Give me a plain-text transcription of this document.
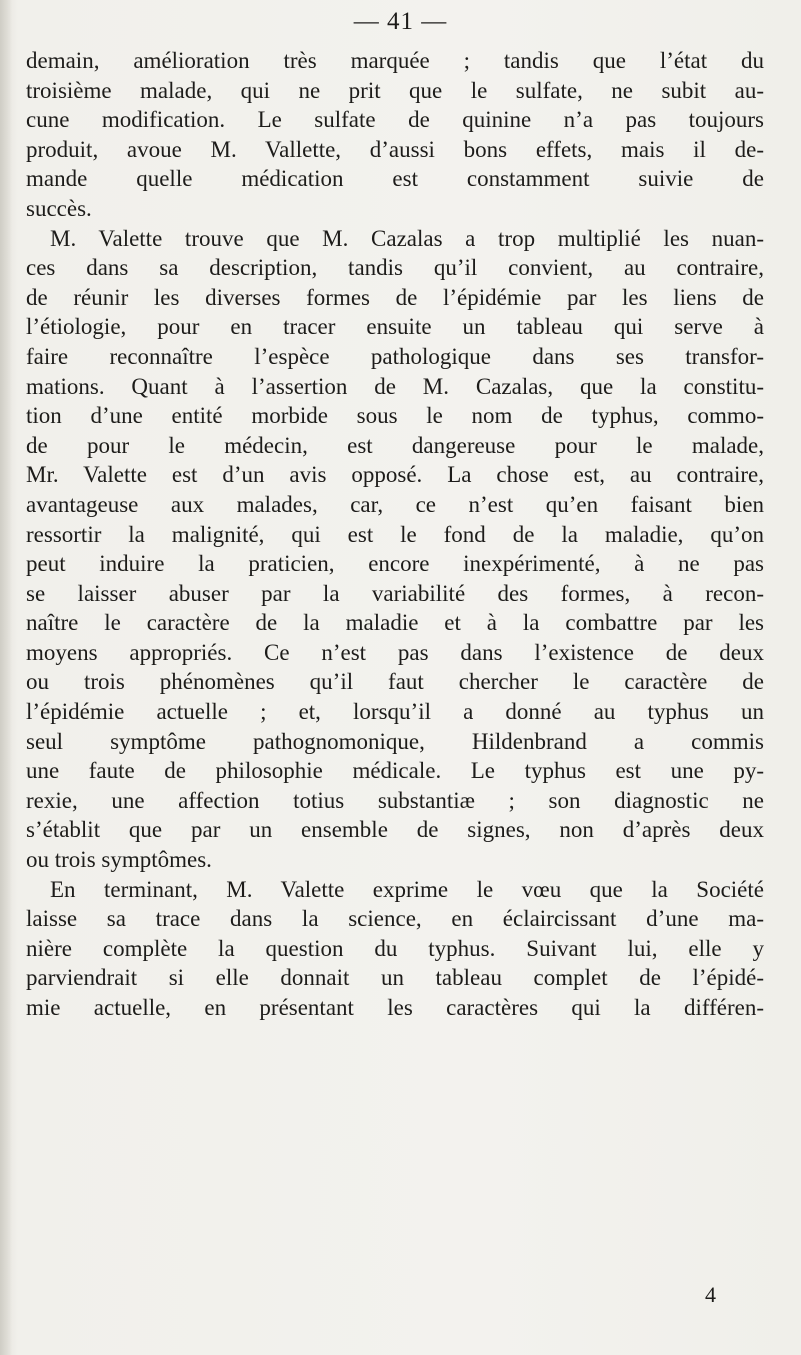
— 41 —
demain, amélioration très marquée ; tandis que l’état du
troisième malade, qui ne prit que le sulfate, ne subit au-
cune modification. Le sulfate de quinine n’a pas toujours
produit, avoue M. Vallette, d’aussi bons effets, mais il de-
mande quelle médication est constamment suivie de
succès.
M. Valette trouve que M. Cazalas a trop multiplié les nuan-
ces dans sa description, tandis qu’il convient, au contraire,
de réunir les diverses formes de l’épidémie par les liens de
l’étiologie, pour en tracer ensuite un tableau qui serve à
faire reconnaître l’espèce pathologique dans ses transfor-
mations. Quant à l’assertion de M. Cazalas, que la constitu-
tion d’une entité morbide sous le nom de typhus, commo-
de pour le médecin, est dangereuse pour le malade,
Mr. Valette est d’un avis opposé. La chose est, au contraire,
avantageuse aux malades, car, ce n’est qu’en faisant bien
ressortir la malignité, qui est le fond de la maladie, qu’on
peut induire la praticien, encore inexpérimenté, à ne pas
se laisser abuser par la variabilité des formes, à recon-
naître le caractère de la maladie et à la combattre par les
moyens appropriés. Ce n’est pas dans l’existence de deux
ou trois phénomènes qu’il faut chercher le caractère de
l’épidémie actuelle ; et, lorsqu’il a donné au typhus un
seul symptôme pathognomonique, Hildenbrand a commis
une faute de philosophie médicale. Le typhus est une py-
rexie, une affection totius substantiæ ; son diagnostic ne
s’établit que par un ensemble de signes, non d’après deux
ou trois symptômes.
En terminant, M. Valette exprime le vœu que la Société
laisse sa trace dans la science, en éclaircissant d’une ma-
nière complète la question du typhus. Suivant lui, elle y
parviendrait si elle donnait un tableau complet de l’épidé-
mie actuelle, en présentant les caractères qui la différen-
4
